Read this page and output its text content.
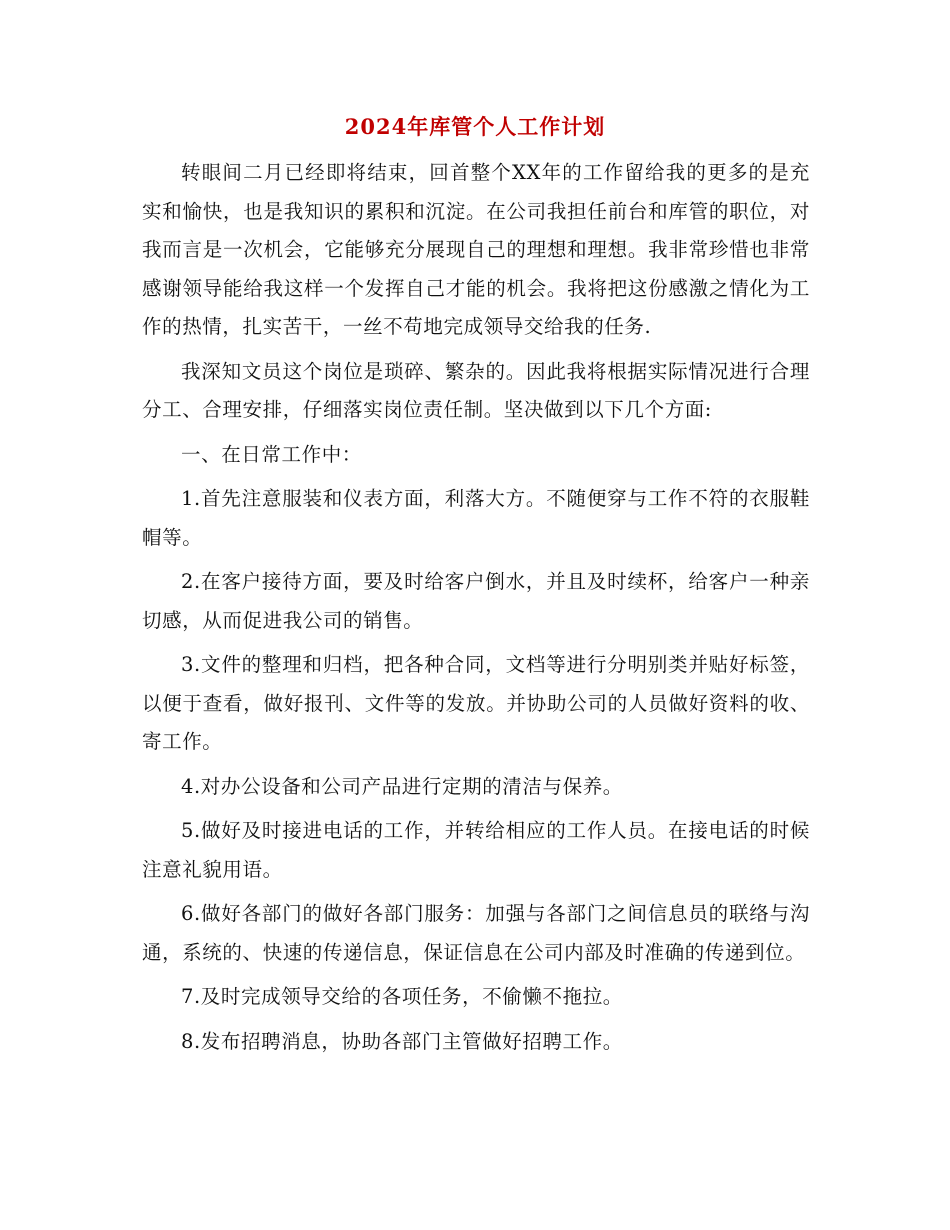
2024年库管个人工作计划

转眼间二月已经即将结束，回首整个XX年的工作留给我的更多的是充实和愉快，也是我知识的累积和沉淀。在公司我担任前台和库管的职位，对我而言是一次机会，它能够充分展现自己的理想和理想。我非常珍惜也非常感谢领导能给我这样一个发挥自己才能的机会。我将把这份感激之情化为工作的热情，扎实苦干，一丝不苟地完成领导交给我的任务.

我深知文员这个岗位是琐碎、繁杂的。因此我将根据实际情况进行合理分工、合理安排，仔细落实岗位责任制。坚决做到以下几个方面:

一、在日常工作中：

1.首先注意服装和仪表方面，利落大方。不随便穿与工作不符的衣服鞋帽等。

2.在客户接待方面，要及时给客户倒水，并且及时续杯，给客户一种亲切感，从而促进我公司的销售。

3.文件的整理和归档，把各种合同，文档等进行分明别类并贴好标签，以便于查看，做好报刊、文件等的发放。并协助公司的人员做好资料的收、寄工作。

4.对办公设备和公司产品进行定期的清洁与保养。

5.做好及时接进电话的工作，并转给相应的工作人员。在接电话的时候注意礼貌用语。

6.做好各部门的做好各部门服务：加强与各部门之间信息员的联络与沟通，系统的、快速的传递信息，保证信息在公司内部及时准确的传递到位。

7.及时完成领导交给的各项任务，不偷懒不拖拉。

8.发布招聘消息，协助各部门主管做好招聘工作。
